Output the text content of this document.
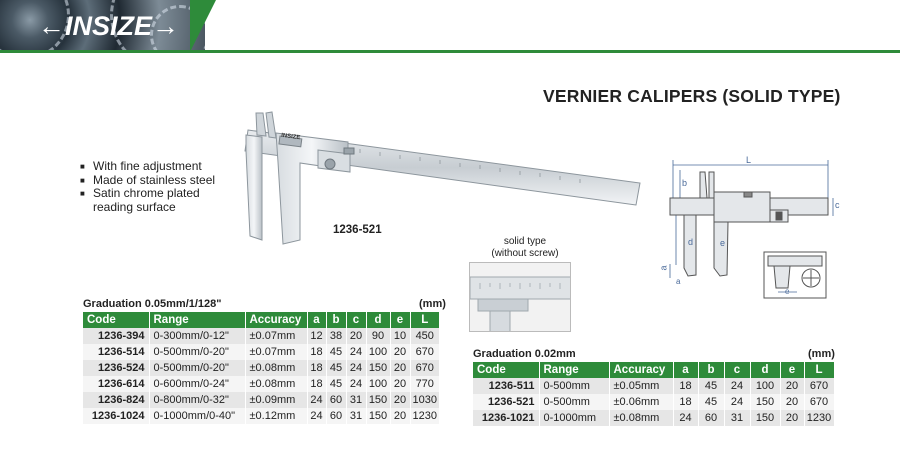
←INSIZE→
VERNIER CALIPERS (SOLID TYPE)
■ With fine adjustment
■ Made of stainless steel
■ Satin chrome plated reading surface
INSIZE
1236-521
solid type
(without screw)
L
b
a
c
d	e
a
e
Graduation 0.05mm/1/128"	(mm)
Code	Range	Accuracy	a	b	c	d	e	L
1236-394	0-300mm/0-12"	±0.07mm	12	38	20	90	10	450
1236-514	0-500mm/0-20"	±0.07mm	18	45	24	100	20	670
1236-524	0-500mm/0-20"	±0.08mm	18	45	24	150	20	670
1236-614	0-600mm/0-24"	±0.08mm	18	45	24	100	20	770
1236-824	0-800mm/0-32"	±0.09mm	24	60	31	150	20	1030
1236-1024	0-1000mm/0-40"	±0.12mm	24	60	31	150	20	1230
Graduation 0.02mm	(mm)
Code	Range	Accuracy	a	b	c	d	e	L
1236-511	0-500mm	±0.05mm	18	45	24	100	20	670
1236-521	0-500mm	±0.06mm	18	45	24	150	20	670
1236-1021	0-1000mm	±0.08mm	24	60	31	150	20	1230
